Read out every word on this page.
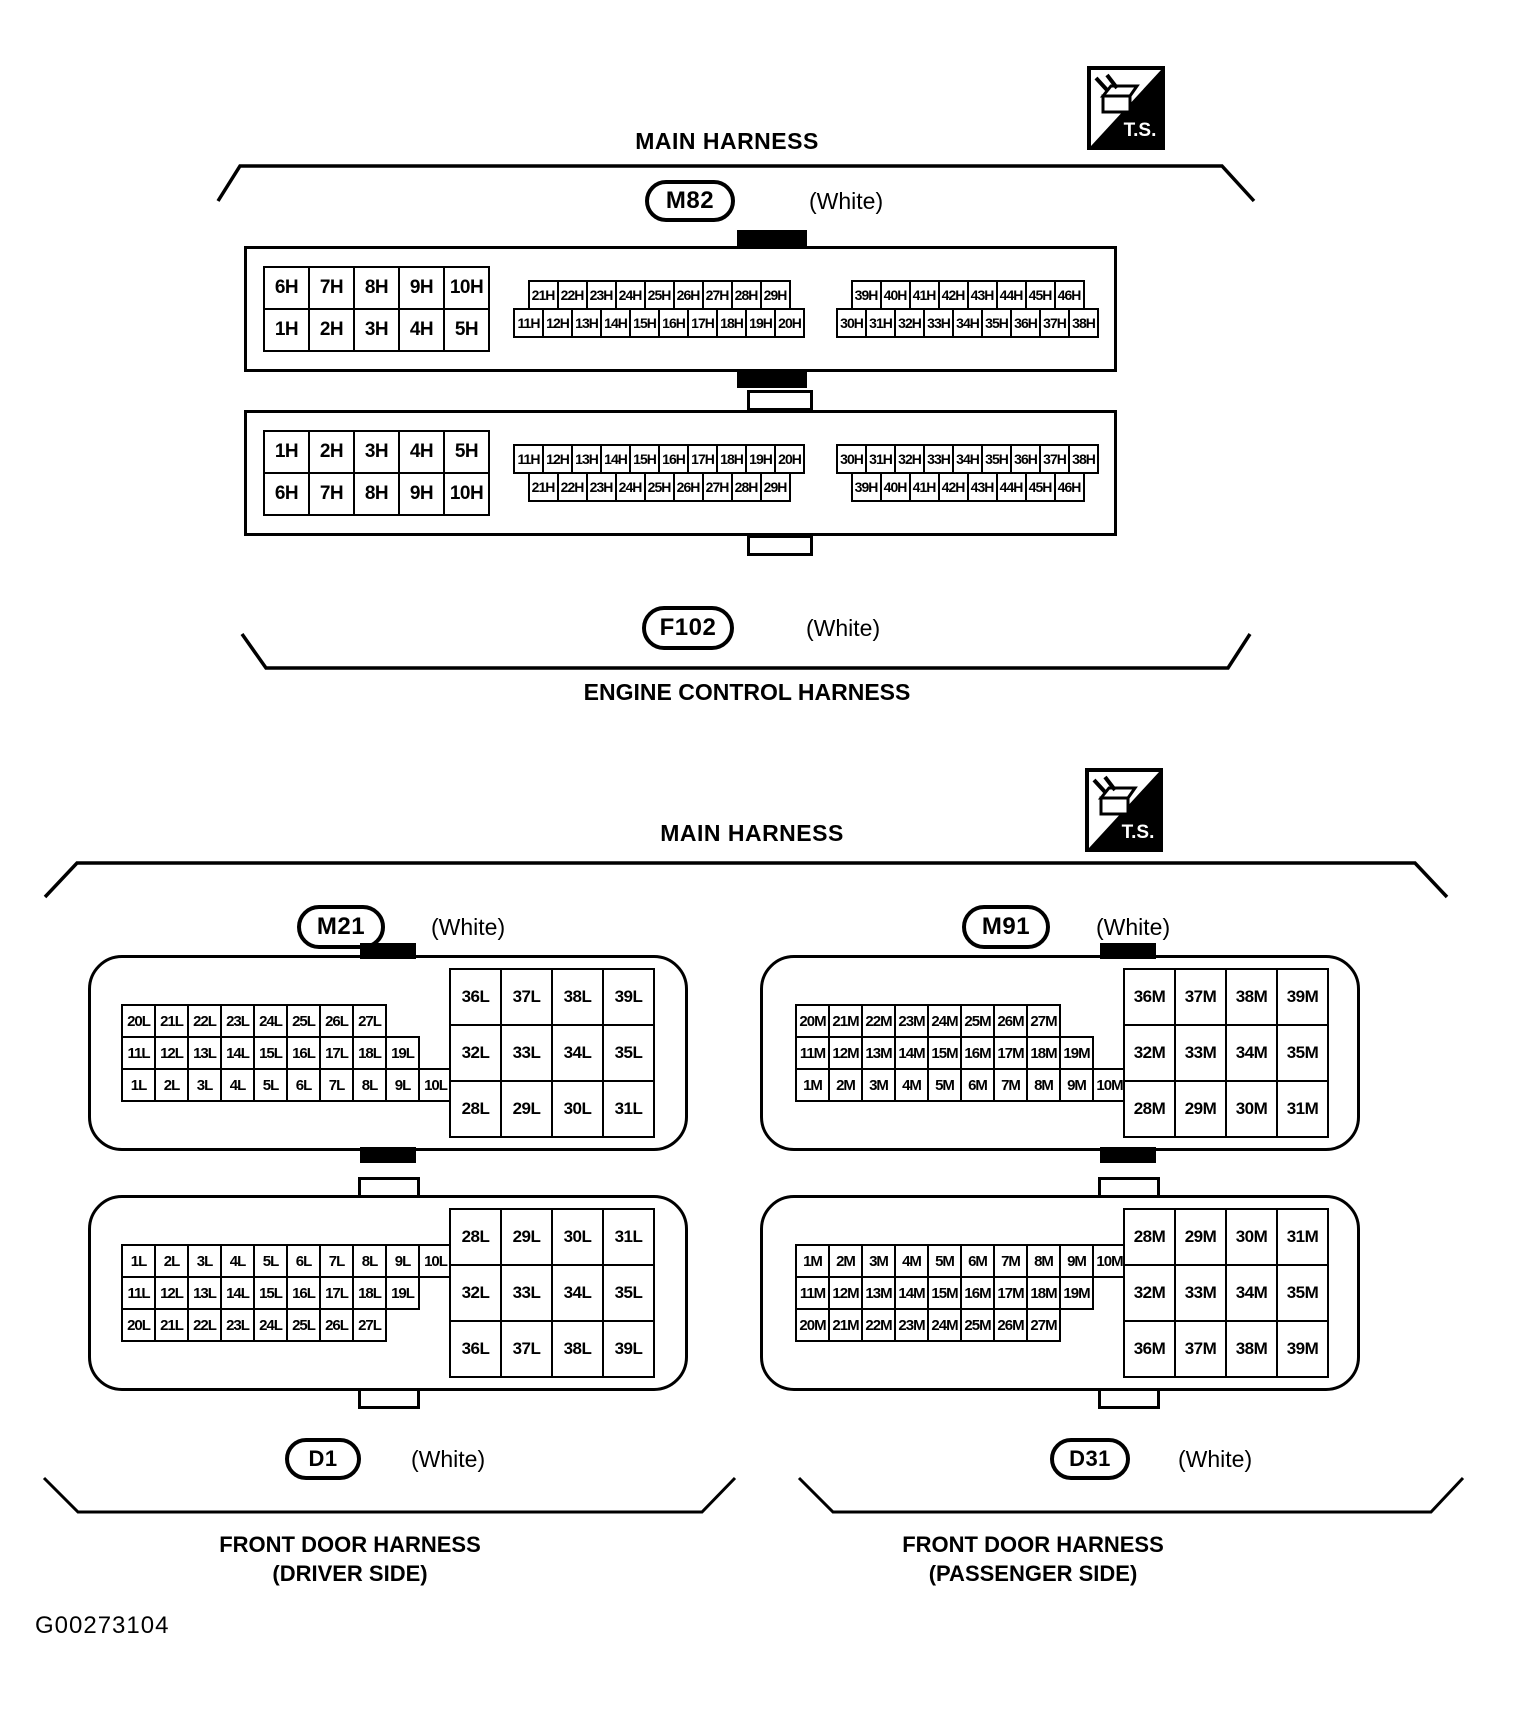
MAIN HARNESS	T.S.
M82	(White)
6H	7H	8H	9H 10H
1H	2H	3H	4H	5H
21H 22H 23H 24H 25H 26H 27H 28H 29H
11H 12H 13H 14H 15H 16H 17H 18H 19H 20H
39H 40H 41H 42H 43H 44H 45H 46H
30H 31H 32H 33H 34H 35H 36H 37H 38H
1H	2H	3H	4H	5H
6H	7H	8H	9H 10H
11H 12H 13H 14H 15H 16H 17H 18H 19H 20H
21H 22H 23H 24H 25H 26H 27H 28H 29H
30H 31H 32H 33H 34H 35H 36H 37H 38H
39H 40H 41H 42H 43H 44H 45H 46H
F102	(White)
ENGINE CONTROL HARNESS
MAIN HARNESS	T.S.
M21	(White)	M91	(White)
20L 21L 22L 23L 24L 25L 26L 27L
11L 12L 13L 14L 15L 16L 17L 18L 19L
1L	2L	3L	4L	5L	6L	7L	8L	9L 10L
36L	37L	38L	39L
32L	33L	34L	35L
28L	29L	30L	31L
20M 21M 22M 23M 24M 25M 26M 27M
11M 12M 13M 14M 15M 16M 17M 18M 19M
1M 2M 3M 4M 5M 6M 7M 8M 9M 10M
36M	37M	38M	39M
32M	33M	34M	35M
28M	29M	30M	31M
1L	2L	3L	4L	5L	6L	7L	8L	9L 10L
11L 12L 13L 14L 15L 16L 17L 18L 19L
20L 21L 22L 23L 24L 25L 26L 27L
28L	29L	30L	31L
32L	33L	34L	35L
36L	37L	38L	39L
1M 2M 3M 4M 5M 6M 7M 8M 9M 10M
11M 12M 13M 14M 15M 16M 17M 18M 19M
20M 21M 22M 23M 24M 25M 26M 27M
28M	29M	30M	31M
32M	33M	34M	35M
36M	37M	38M	39M
D1	(White)	D31	(White)
FRONT DOOR HARNESS
(DRIVER SIDE)
FRONT DOOR HARNESS
(PASSENGER SIDE)
G00273104
